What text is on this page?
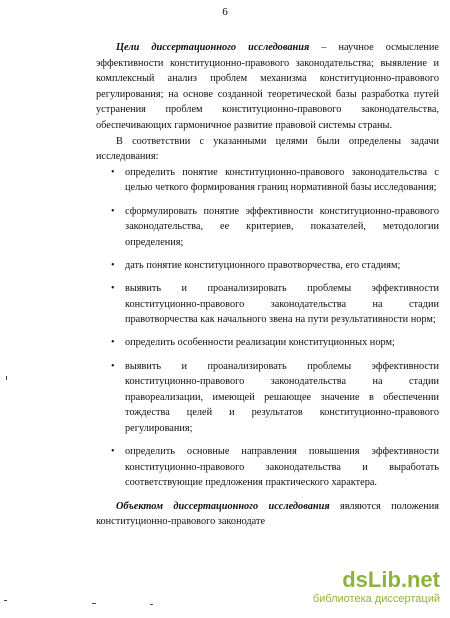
6

Цели диссертационного исследования – научное осмысление эффективности конституционно-правового законодательства; выявление и комплексный анализ проблем механизма конституционно-правового регулирования; на основе созданной теоретической базы разработка путей устранения проблем конституционно-правового законодательства, обеспечивающих гармоничное развитие правовой системы страны.

В соответствии с указанными целями были определены задачи исследования:

• определить понятие конституционно-правового законодательства с целью четкого формирования границ нормативной базы исследования;
• сформулировать понятие эффективности конституционно-правового законодательства, ее критериев, показателей, методологии определения;
• дать понятие конституционного правотворчества, его стадиям;
• выявить и проанализировать проблемы эффективности конституционно-правового законодательства на стадии правотворчества как начального звена на пути результативности норм;
• определить особенности реализации конституционных норм;
• выявить и проанализировать проблемы эффективности конституционно-правового законодательства на стадии правореализации, имеющей решающее значение в обеспечении тождества целей и результатов конституционно-правового регулирования;
• определить основные направления повышения эффективности конституционно-правового законодательства и выработать соответствующие предложения практического характера.

Объектом диссертационного исследования являются положения конституционно-правового законодате

dsLib.net
библиотека диссертаций
